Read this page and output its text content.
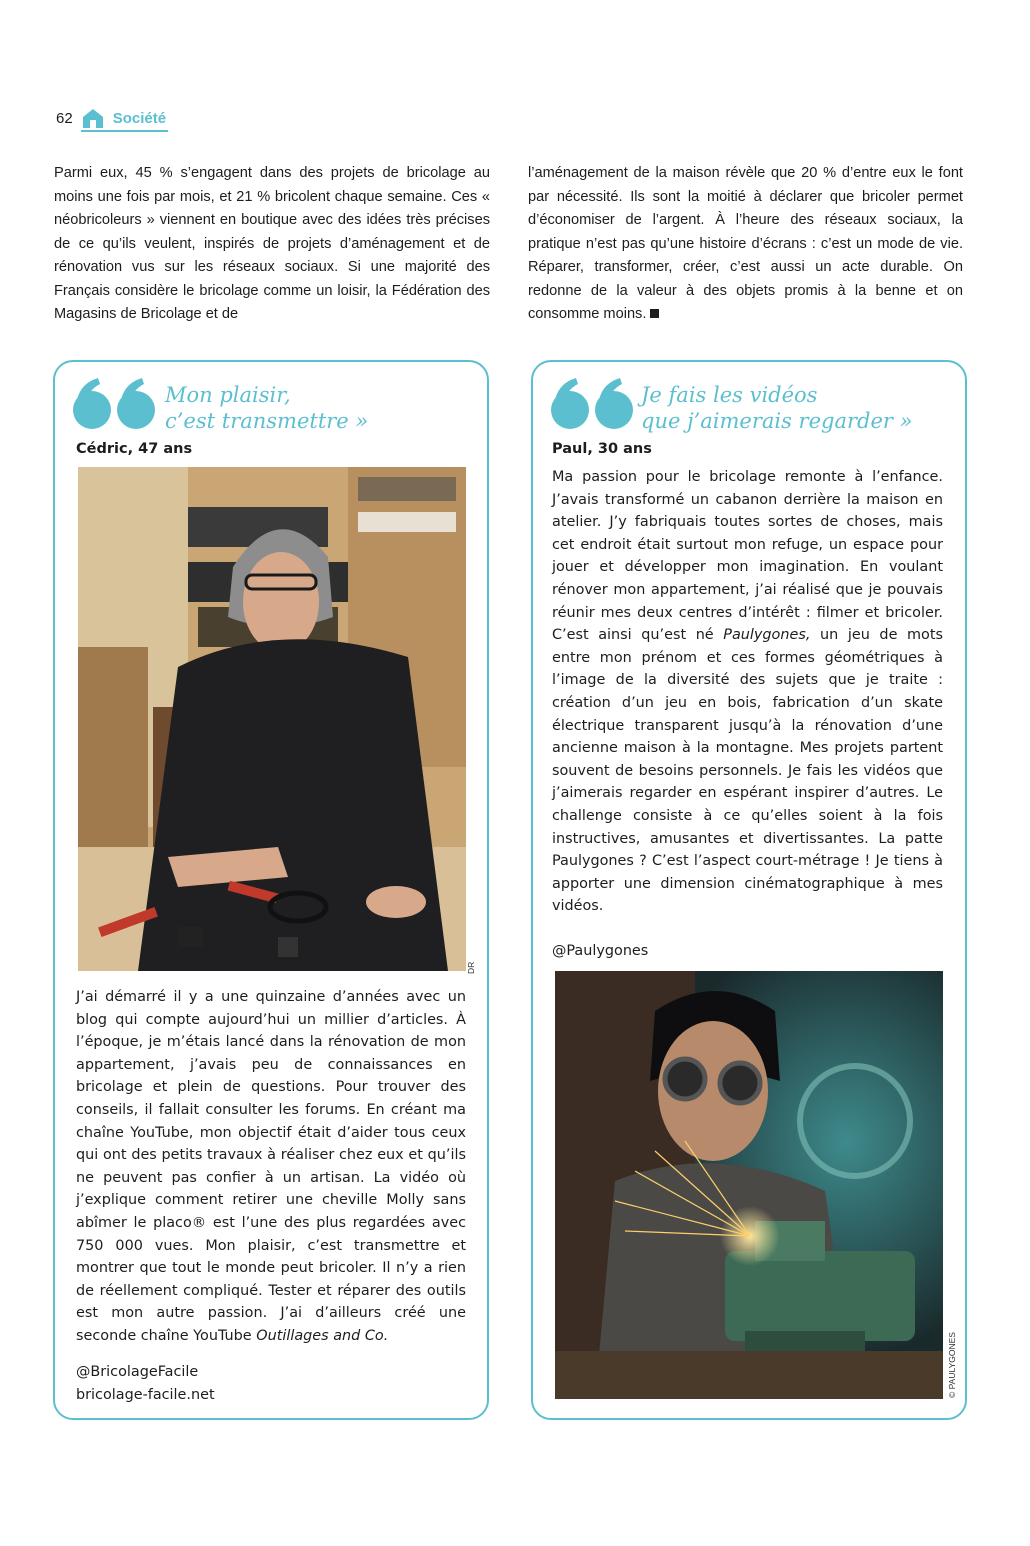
62	Société
Parmi eux, 45 % s’engagent dans des projets de bricolage au moins une fois par mois, et 21 % bricolent chaque semaine. Ces « néobricoleurs » viennent en boutique avec des idées très précises de ce qu’ils veulent, inspirés de projets d’aménagement et de rénovation vus sur les réseaux sociaux. Si une majorité des Français considère le bricolage comme un loisir, la Fédération des Magasins de Bricolage et de
l’aménagement de la maison révèle que 20 % d’entre eux le font par nécessité. Ils sont la moitié à déclarer que bricoler permet d’économiser de l’argent. À l’heure des réseaux sociaux, la pratique n’est pas qu’une histoire d’écrans : c’est un mode de vie. Réparer, transformer, créer, c’est aussi un acte durable. On redonne de la valeur à des objets promis à la benne et on consomme moins.
Mon plaisir,
c’est transmettre »
Cédric, 47 ans
DR
J’ai démarré il y a une quinzaine d’années avec un blog qui compte aujourd’hui un millier d’articles. À l’époque, je m’étais lancé dans la rénovation de mon appartement, j’avais peu de connaissances en bricolage et plein de questions. Pour trouver des conseils, il fallait consulter les forums. En créant ma chaîne YouTube, mon objectif était d’aider tous ceux qui ont des petits travaux à réaliser chez eux et qu’ils ne peuvent pas confier à un artisan. La vidéo où j’explique comment retirer une cheville Molly sans abîmer le placo® est l’une des plus regardées avec 750 000 vues. Mon plaisir, c’est transmettre et montrer que tout le monde peut bricoler. Il n’y a rien de réellement compliqué. Tester et réparer des outils est mon autre passion. J’ai d’ailleurs créé une seconde chaîne YouTube Outillages and Co.
@BricolageFacile
bricolage-facile.net
Je fais les vidéos
que j’aimerais regarder »
Paul, 30 ans
Ma passion pour le bricolage remonte à l’enfance. J’avais transformé un cabanon derrière la maison en atelier. J’y fabriquais toutes sortes de choses, mais cet endroit était surtout mon refuge, un espace pour jouer et développer mon imagination. En voulant rénover mon appartement, j’ai réalisé que je pouvais réunir mes deux centres d’intérêt : filmer et bricoler. C’est ainsi qu’est né Paulygones, un jeu de mots entre mon prénom et ces formes géométriques à l’image de la diversité des sujets que je traite : création d’un jeu en bois, fabrication d’un skate électrique transparent jusqu’à la rénovation d’une ancienne maison à la montagne. Mes projets partent souvent de besoins personnels. Je fais les vidéos que j’aimerais regarder en espérant inspirer d’autres. Le challenge consiste à ce qu’elles soient à la fois instructives, amusantes et divertissantes. La patte Paulygones ? C’est l’aspect court-métrage ! Je tiens à apporter une dimension cinématographique à mes vidéos.
@Paulygones
© PAULYGONES
